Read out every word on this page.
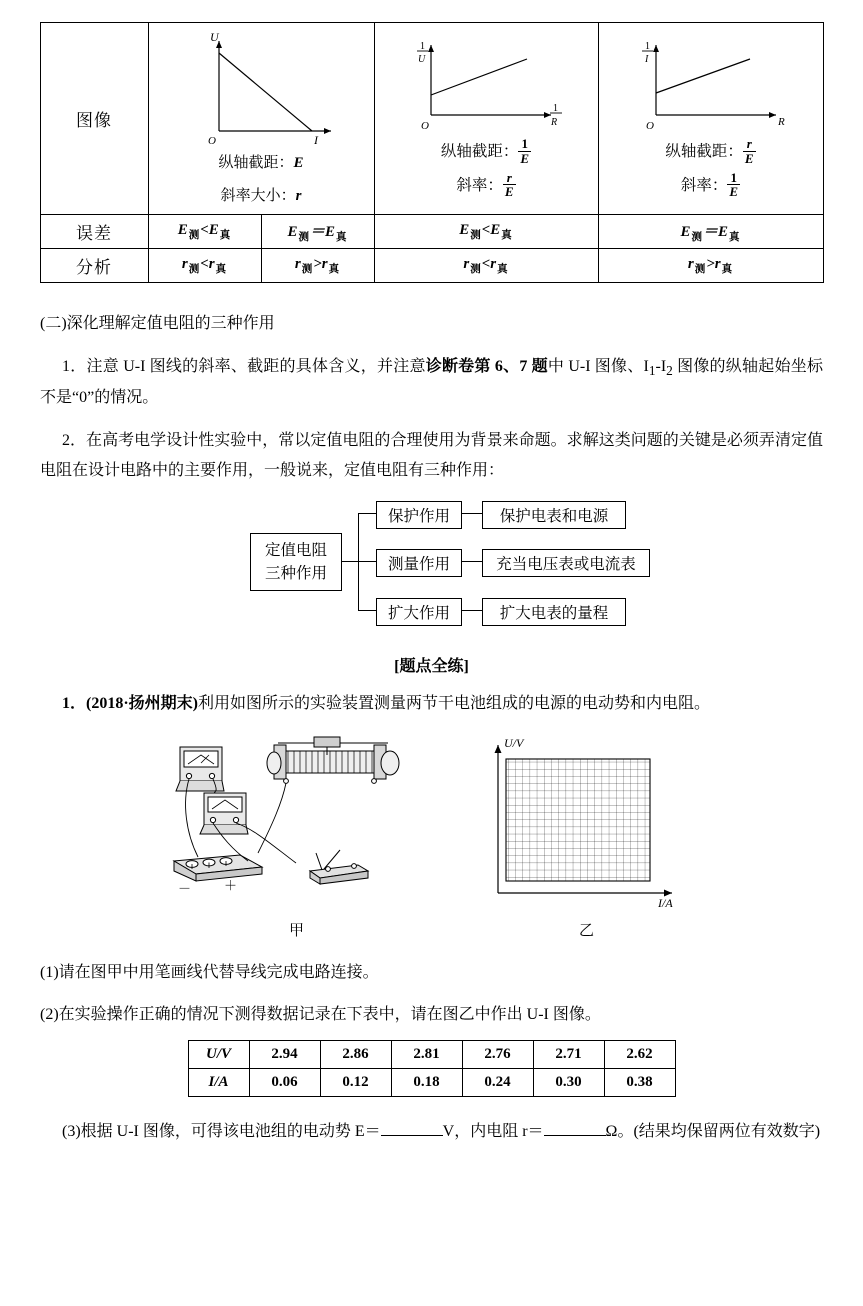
图像	
U
O	I
纵轴截距：E
斜率大小：r

1
U
O
1
R
纵轴截距： $\frac{1}{E}$
斜率： $\frac{r}{E}$

1
I
O	R
纵轴截距： $\frac{r}{E}$
斜率： $\frac{1}{E}$

误差	$E_测<E_真$	$E_测=E_真$	$E_测<E_真$	$E_测=E_真$
分析	$r_测<r_真$	$r_测>r_真$	$r_测<r_真$	$r_测>r_真$

(二)深化理解定值电阻的三种作用

1．注意 U-I 图线的斜率、截距的具体含义，并注意诊断卷第 6、7 题中 U-I 图像、$I_1-I_2$ 图像的纵轴起始坐标不是“0”的情况。

2．在高考电学设计性实验中，常以定值电阻的合理使用为背景来命题。求解这类问题的关键是必须弄清定值电阻在设计电路中的主要作用，一般说来，定值电阻有三种作用：

定值电阻
三种作用
保护作用	保护电表和电源
测量作用	充当电压表或电流表
扩大作用	扩大电表的量程

[题点全练]

1．(2018·扬州期末)利用如图所示的实验装置测量两节干电池组成的电源的电动势和内电阻。

－	＋
甲
U/V
I/A
乙

(1)请在图甲中用笔画线代替导线完成电路连接。

(2)在实验操作正确的情况下测得数据记录在下表中，请在图乙中作出 U-I 图像。

U/V	2.94	2.86	2.81	2.76	2.71	2.62
I/A	0.06	0.12	0.18	0.24	0.30	0.38

(3)根据 U-I 图像，可得该电池组的电动势 E＝	V，内电阻 r＝	Ω。(结果均保留两位有效数字)
